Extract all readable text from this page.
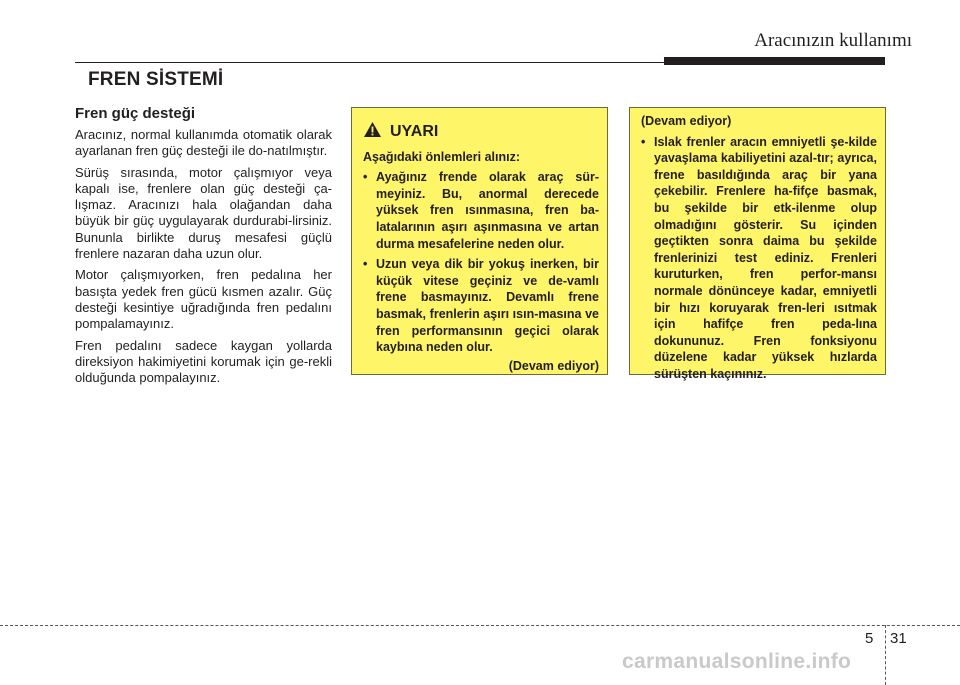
Aracınızın kullanımı
FREN SİSTEMİ
Fren güç desteği

Aracınız, normal kullanımda otomatik olarak ayarlanan fren güç desteği ile do-natılmıştır.

Sürüş sırasında, motor çalışmıyor veya kapalı ise, frenlere olan güç desteği ça-lışmaz. Aracınızı hala olağandan daha büyük bir güç uygulayarak durdurabi-lirsiniz. Bununla birlikte duruş mesafesi güçlü frenlere nazaran daha uzun olur.

Motor çalışmıyorken, fren pedalına her basışta yedek fren gücü kısmen azalır. Güç desteği kesintiye uğradığında fren pedalını pompalamayınız.

Fren pedalını sadece kaygan yollarda direksiyon hakimiyetini korumak için ge-rekli olduğunda pompalayınız.

UYARI

Aşağıdaki önlemleri alınız:

• Ayağınız frende olarak araç sür-meyiniz. Bu, anormal derecede yüksek fren ısınmasına, fren ba-latalarının aşırı aşınmasına ve artan durma mesafelerine neden olur.
• Uzun veya dik bir yokuş inerken, bir küçük vitese geçiniz ve de-vamlı frene basmayınız. Devamlı frene basmak, frenlerin aşırı ısın-masına ve fren performansının geçici olarak kaybına neden olur.
(Devam ediyor)

(Devam ediyor)

• Islak frenler aracın emniyetli şe-kilde yavaşlama kabiliyetini azal-tır; ayrıca, frene basıldığında araç bir yana çekebilir. Frenlere ha-fifçe basmak, bu şekilde bir etk-ilenme olup olmadığını gösterir. Su içinden geçtikten sonra daima bu şekilde frenlerinizi test ediniz. Frenleri kuruturken, fren perfor-mansı normale dönünceye kadar, emniyetli bir hızı koruyarak fren-leri ısıtmak için hafifçe fren peda-lına dokununuz. Fren fonksiyonu düzelene kadar yüksek hızlarda sürüşten kaçınınız.
5 31
carmanualsonline.info
